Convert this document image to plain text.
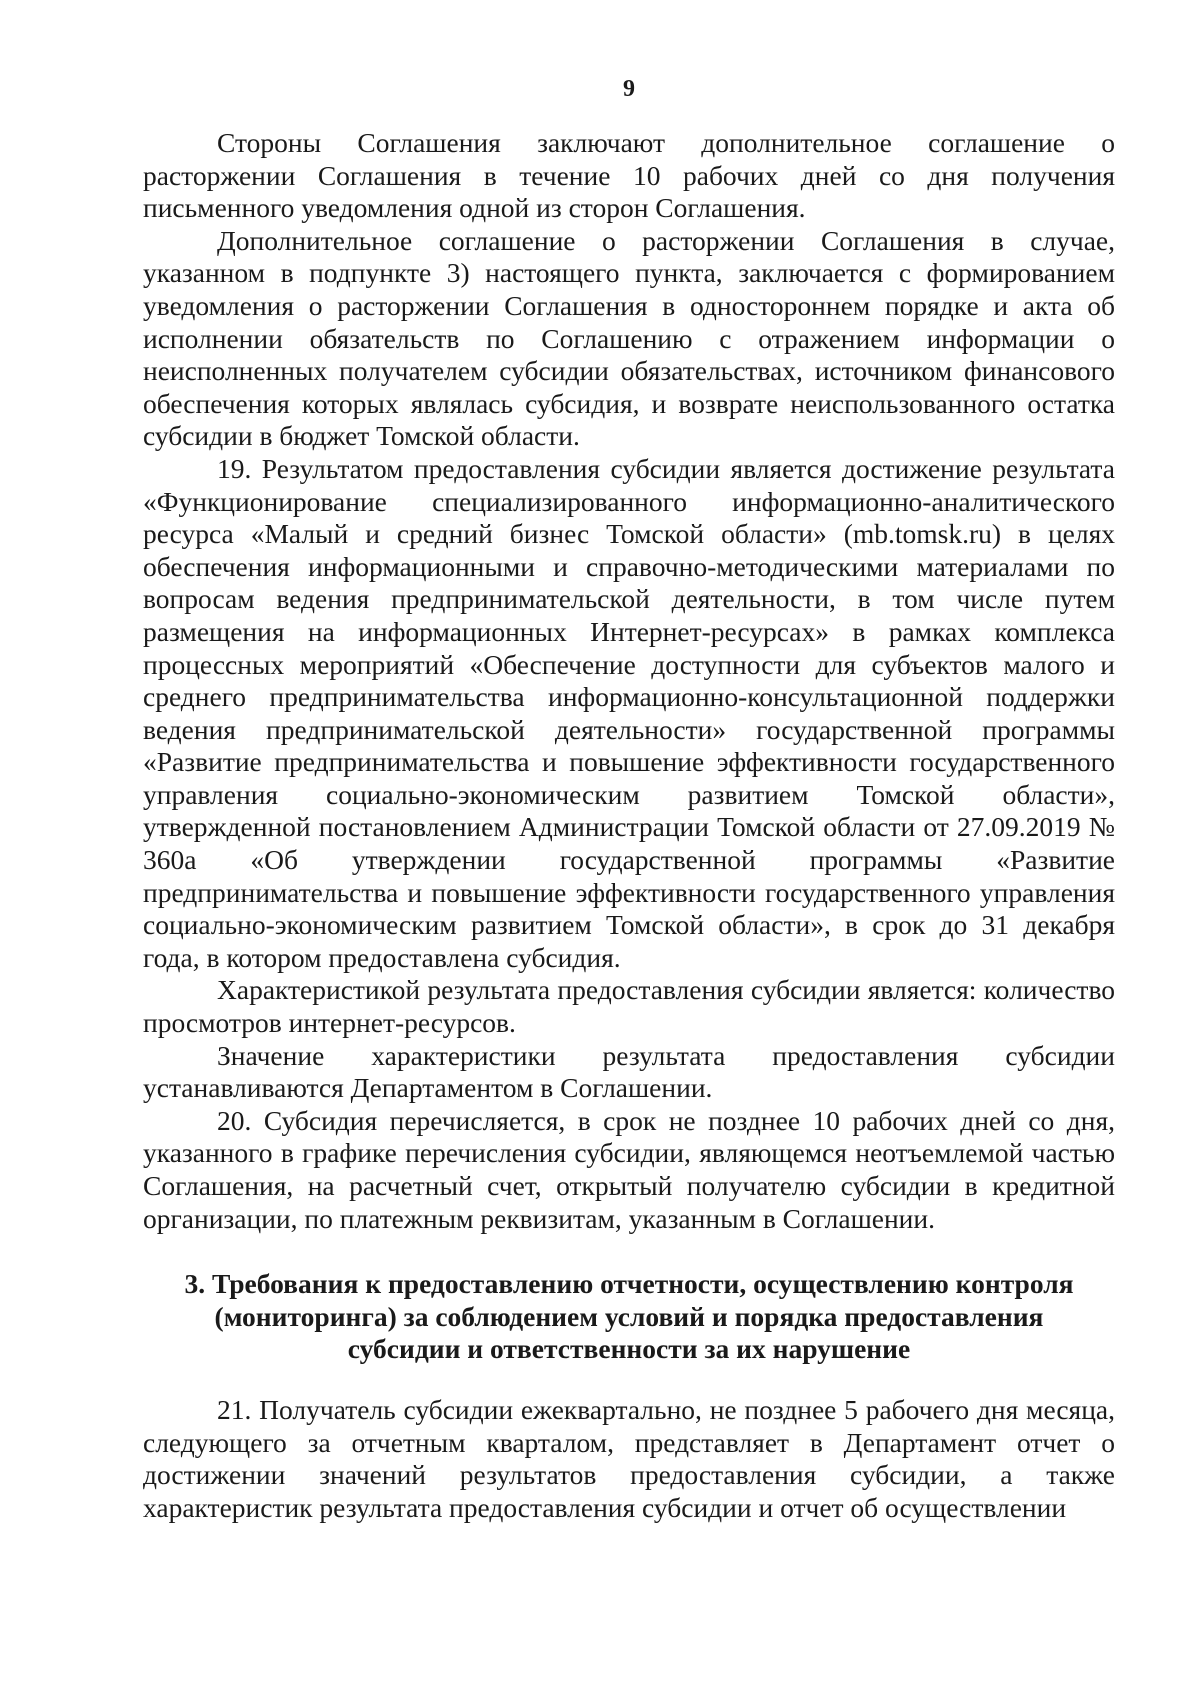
9

Стороны Соглашения заключают дополнительное соглашение о расторжении Соглашения в течение 10 рабочих дней со дня получения письменного уведомления одной из сторон Соглашения.

Дополнительное соглашение о расторжении Соглашения в случае, указанном в подпункте 3) настоящего пункта, заключается с формированием уведомления о расторжении Соглашения в одностороннем порядке и акта об исполнении обязательств по Соглашению с отражением информации о неисполненных получателем субсидии обязательствах, источником финансового обеспечения которых являлась субсидия, и возврате неиспользованного остатка субсидии в бюджет Томской области.

19. Результатом предоставления субсидии является достижение результата «Функционирование специализированного информационно-аналитического ресурса «Малый и средний бизнес Томской области» (mb.tomsk.ru) в целях обеспечения информационными и справочно-методическими материалами по вопросам ведения предпринимательской деятельности, в том числе путем размещения на информационных Интернет-ресурсах» в рамках комплекса процессных мероприятий «Обеспечение доступности для субъектов малого и среднего предпринимательства информационно-консультационной поддержки ведения предпринимательской деятельности» государственной программы «Развитие предпринимательства и повышение эффективности государственного управления социально-экономическим развитием Томской области», утвержденной постановлением Администрации Томской области от 27.09.2019 № 360а «Об утверждении государственной программы «Развитие предпринимательства и повышение эффективности государственного управления социально-экономическим развитием Томской области», в срок до 31 декабря года, в котором предоставлена субсидия.

Характеристикой результата предоставления субсидии является: количество просмотров интернет-ресурсов.

Значение характеристики результата предоставления субсидии устанавливаются Департаментом в Соглашении.

20. Субсидия перечисляется, в срок не позднее 10 рабочих дней со дня, указанного в графике перечисления субсидии, являющемся неотъемлемой частью Соглашения, на расчетный счет, открытый получателю субсидии в кредитной организации, по платежным реквизитам, указанным в Соглашении.

3. Требования к предоставлению отчетности, осуществлению контроля (мониторинга) за соблюдением условий и порядка предоставления субсидии и ответственности за их нарушение

21. Получатель субсидии ежеквартально, не позднее 5 рабочего дня месяца, следующего за отчетным кварталом, представляет в Департамент отчет о достижении значений результатов предоставления субсидии, а также характеристик результата предоставления субсидии и отчет об осуществлении
